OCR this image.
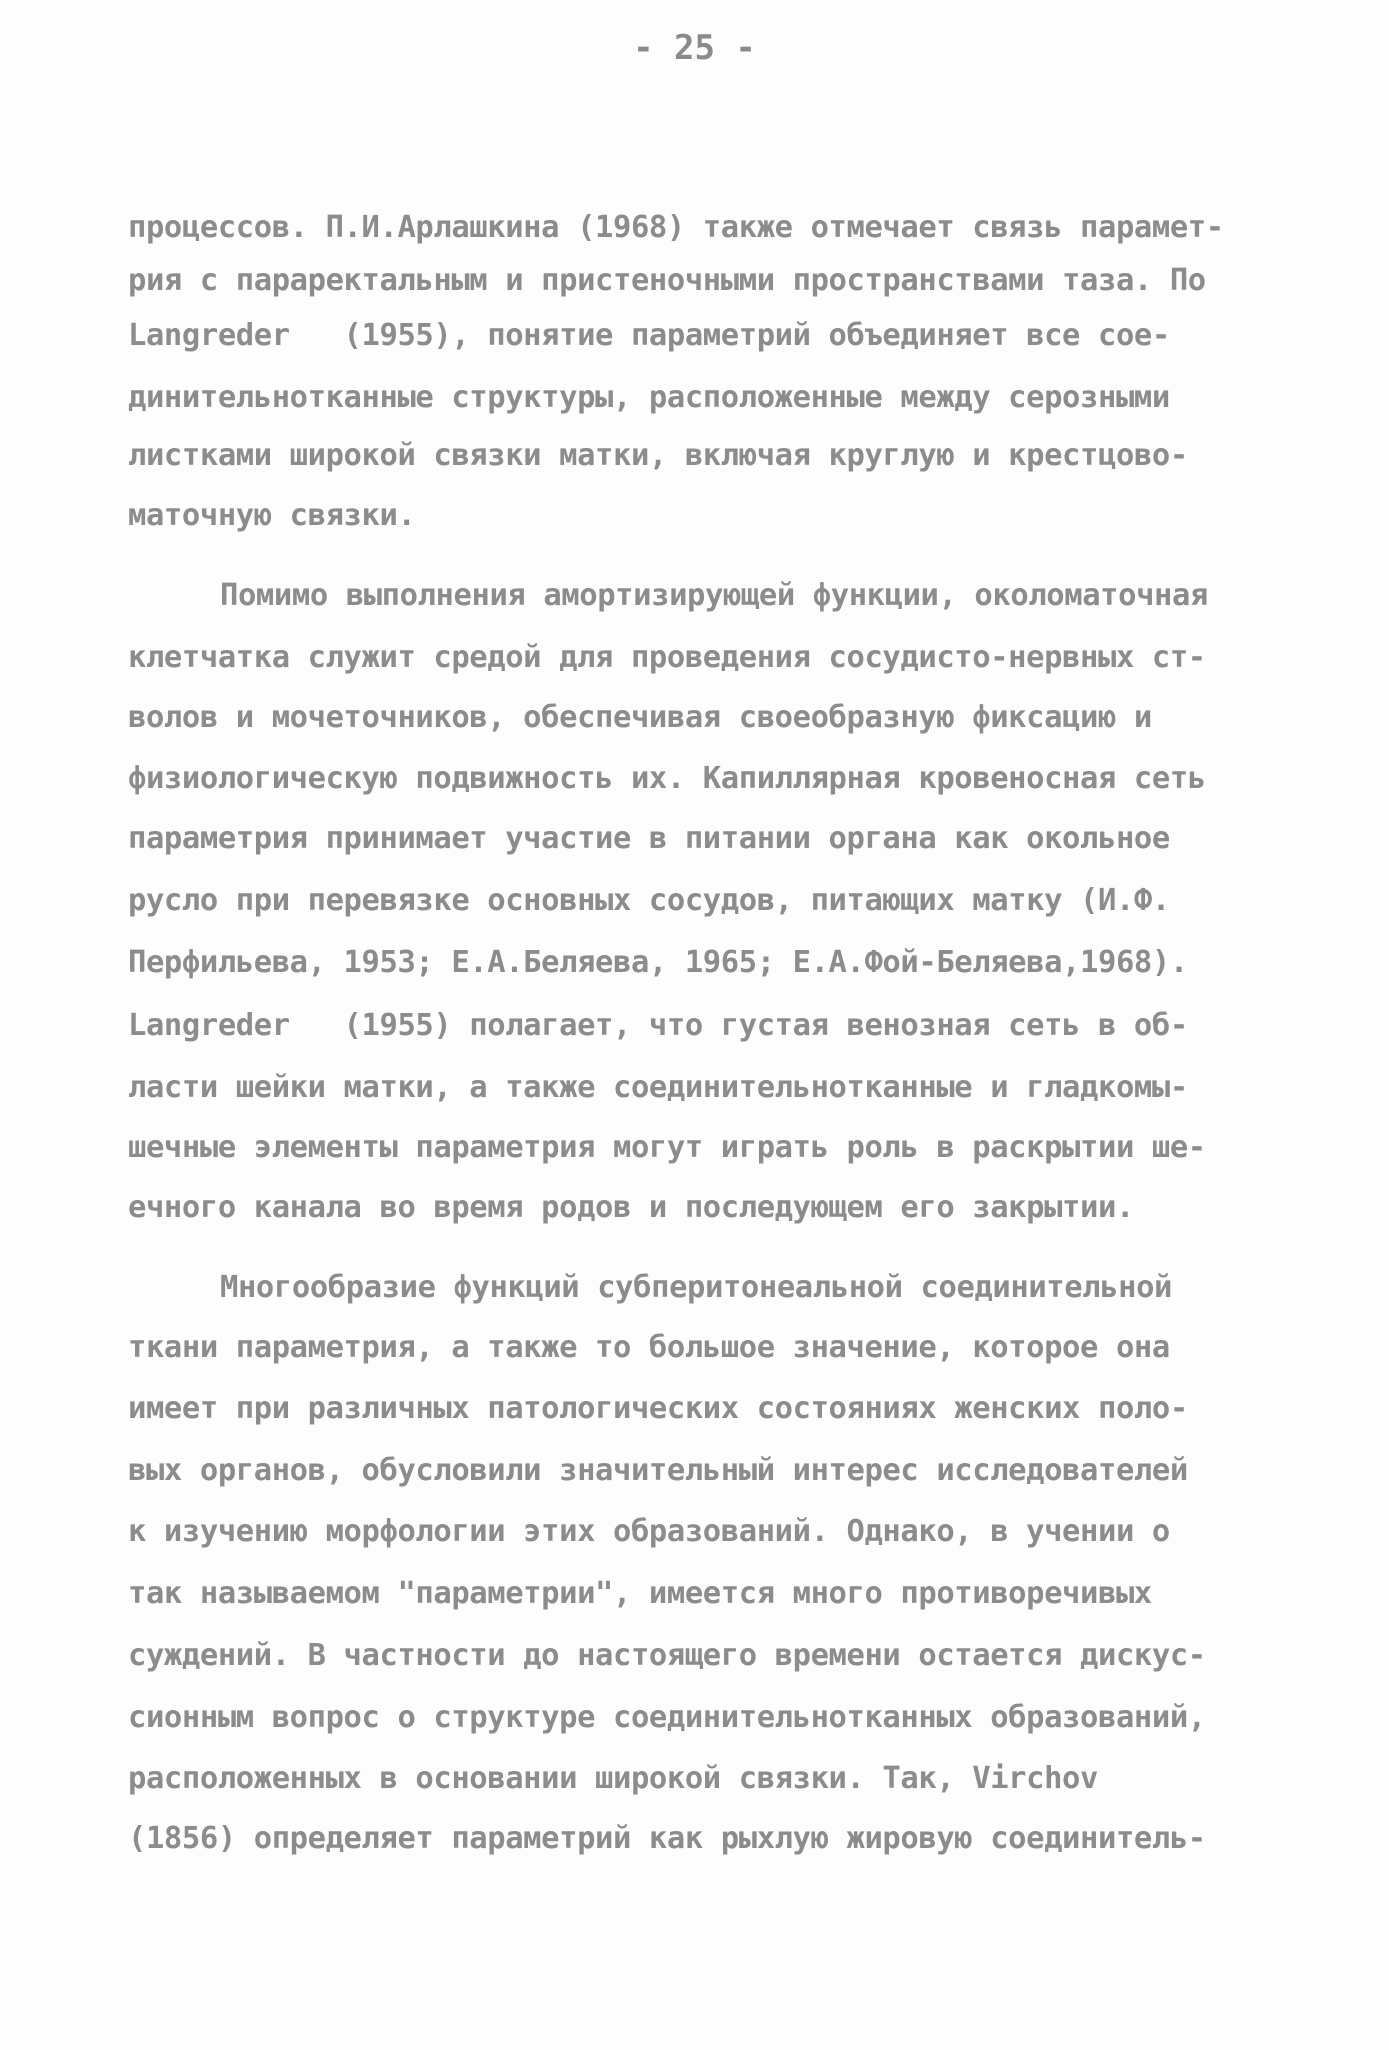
- 25 -
процессов. П.И.Арлашкина (1968) также отмечает связь парамет-
рия с параректальным и пристеночными пространствами таза. По
Langreder   (1955), понятие параметрий объединяет все сое-
динительнотканные структуры, расположенные между серозными
листками широкой связки матки, включая круглую и крестцово-
маточную связки.
Помимо выполнения амортизирующей функции, околоматочная
клетчатка служит средой для проведения сосудисто-нервных ст-
волов и мочеточников, обеспечивая своеобразную фиксацию и
физиологическую подвижность их. Капиллярная кровеносная сеть
параметрия принимает участие в питании органа как окольное
русло при перевязке основных сосудов, питающих матку (И.Ф.
Перфильева, 1953; Е.А.Беляева, 1965; Е.А.Фой-Беляева,1968).
Langreder   (1955) полагает, что густая венозная сеть в об-
ласти шейки матки, а также соединительнотканные и гладкомы-
шечные элементы параметрия могут играть роль в раскрытии ше-
ечного канала во время родов и последующем его закрытии.
Многообразие функций субперитонеальной соединительной
ткани параметрия, а также то большое значение, которое она
имеет при различных патологических состояниях женских поло-
вых органов, обусловили значительный интерес исследователей
к изучению морфологии этих образований. Однако, в учении о
так называемом "параметрии", имеется много противоречивых
суждений. В частности до настоящего времени остается дискус-
сионным вопрос о структуре соединительнотканных образований,
расположенных в основании широкой связки. Так, Virchov
(1856) определяет параметрий как рыхлую жировую соединитель-
